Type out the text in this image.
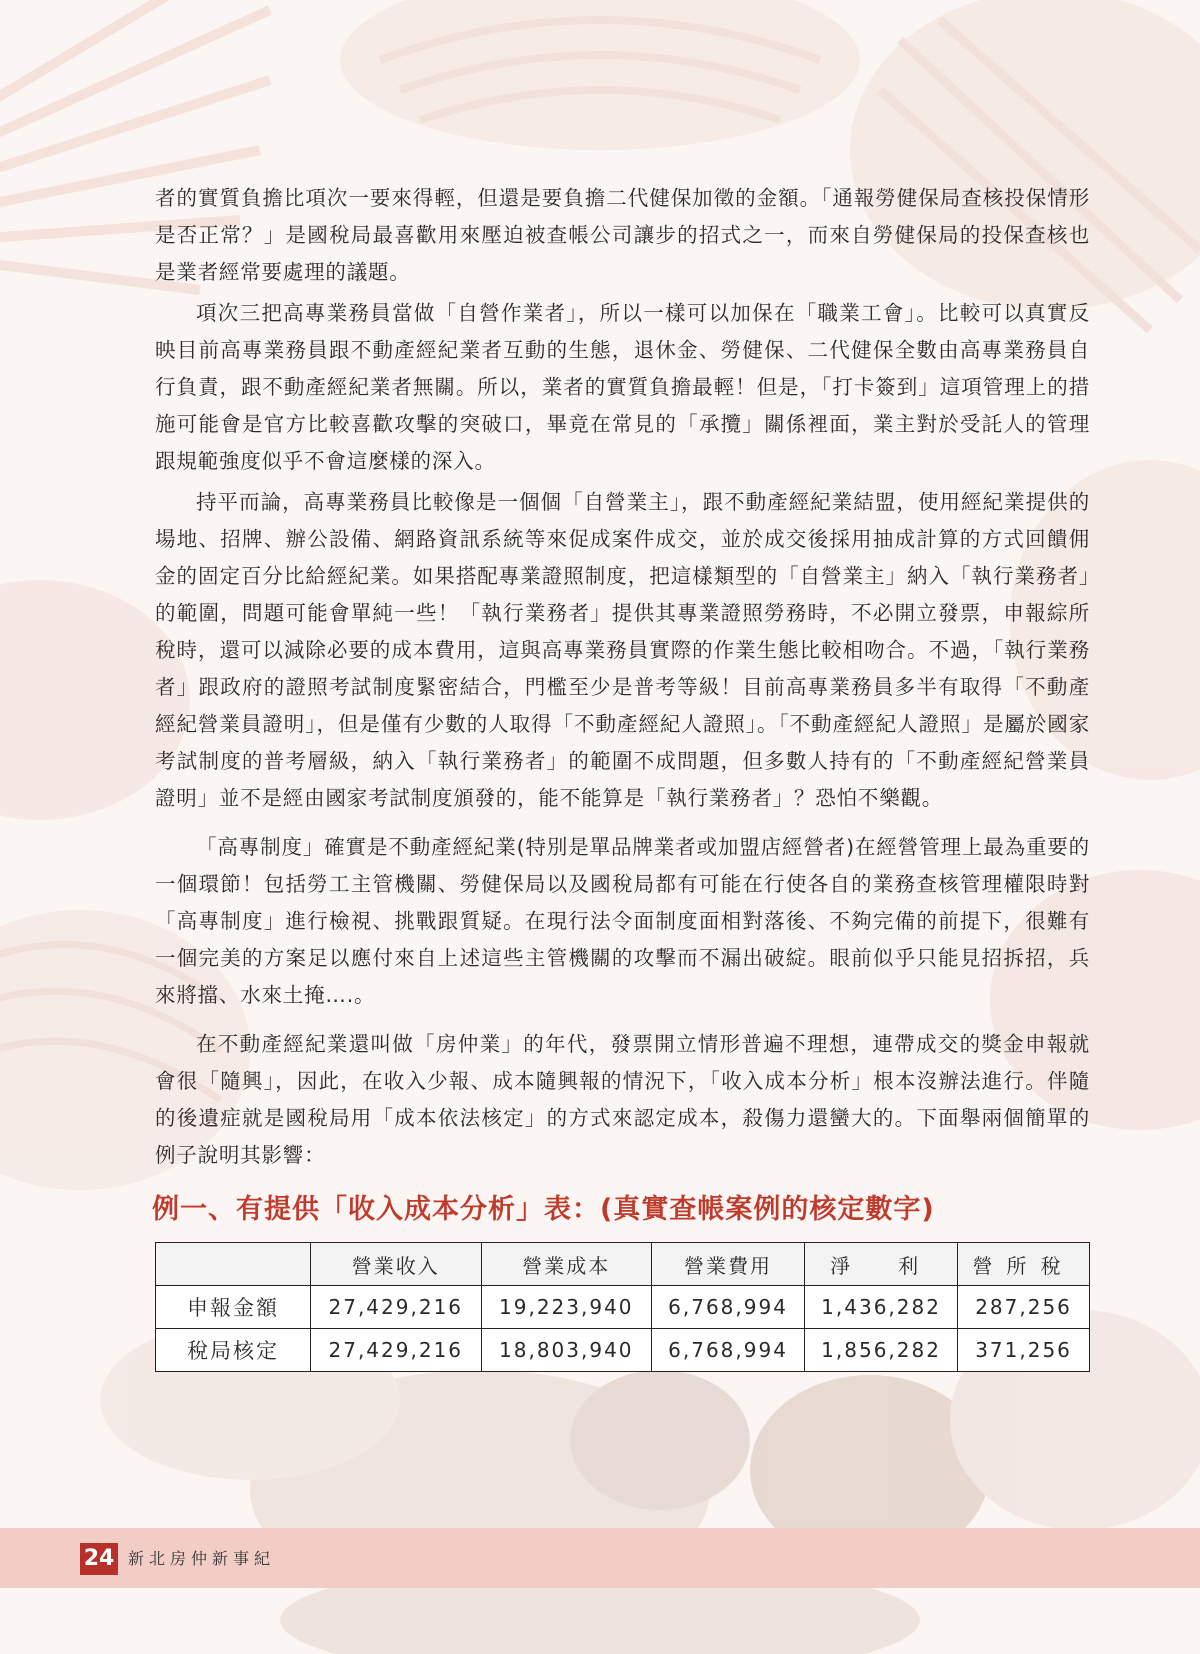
者的實質負擔比項次一要來得輕，但還是要負擔二代健保加徵的金額。「通報勞健保局查核投保情形是否正常？」是國稅局最喜歡用來壓迫被查帳公司讓步的招式之一，而來自勞健保局的投保查核也是業者經常要處理的議題。

項次三把高專業務員當做「自營作業者」，所以一樣可以加保在「職業工會」。比較可以真實反映目前高專業務員跟不動產經紀業者互動的生態，退休金、勞健保、二代健保全數由高專業務員自行負責，跟不動產經紀業者無關。所以，業者的實質負擔最輕！但是，「打卡簽到」這項管理上的措施可能會是官方比較喜歡攻擊的突破口，畢竟在常見的「承攬」關係裡面，業主對於受託人的管理跟規範強度似乎不會這麼樣的深入。

持平而論，高專業務員比較像是一個個「自營業主」，跟不動產經紀業結盟，使用經紀業提供的場地、招牌、辦公設備、網路資訊系統等來促成案件成交，並於成交後採用抽成計算的方式回饋佣金的固定百分比給經紀業。如果搭配專業證照制度，把這樣類型的「自營業主」納入「執行業務者」的範圍，問題可能會單純一些！「執行業務者」提供其專業證照勞務時，不必開立發票，申報綜所稅時，還可以減除必要的成本費用，這與高專業務員實際的作業生態比較相吻合。不過，「執行業務者」跟政府的證照考試制度緊密結合，門檻至少是普考等級！目前高專業務員多半有取得「不動產經紀營業員證明」，但是僅有少數的人取得「不動產經紀人證照」。「不動產經紀人證照」是屬於國家考試制度的普考層級，納入「執行業務者」的範圍不成問題，但多數人持有的「不動產經紀營業員證明」並不是經由國家考試制度頒發的，能不能算是「執行業務者」？恐怕不樂觀。

「高專制度」確實是不動產經紀業(特別是單品牌業者或加盟店經營者)在經營管理上最為重要的一個環節！包括勞工主管機關、勞健保局以及國稅局都有可能在行使各自的業務查核管理權限時對「高專制度」進行檢視、挑戰跟質疑。在現行法令面制度面相對落後、不夠完備的前提下，很難有一個完美的方案足以應付來自上述這些主管機關的攻擊而不漏出破綻。眼前似乎只能見招拆招，兵來將擋、水來土掩….。

在不動產經紀業還叫做「房仲業」的年代，發票開立情形普遍不理想，連帶成交的獎金申報就會很「隨興」，因此，在收入少報、成本隨興報的情況下，「收入成本分析」根本沒辦法進行。伴隨的後遺症就是國稅局用「成本依法核定」的方式來認定成本，殺傷力還蠻大的。下面舉兩個簡單的例子說明其影響：

例一、有提供「收入成本分析」表：(真實查帳案例的核定數字)
	營業收入	營業成本	營業費用	淨　利	營所稅
申報金額	27,429,216	19,223,940	6,768,994	1,436,282	287,256
稅局核定	27,429,216	18,803,940	6,768,994	1,856,282	371,256
24 新北房仲新事紀
